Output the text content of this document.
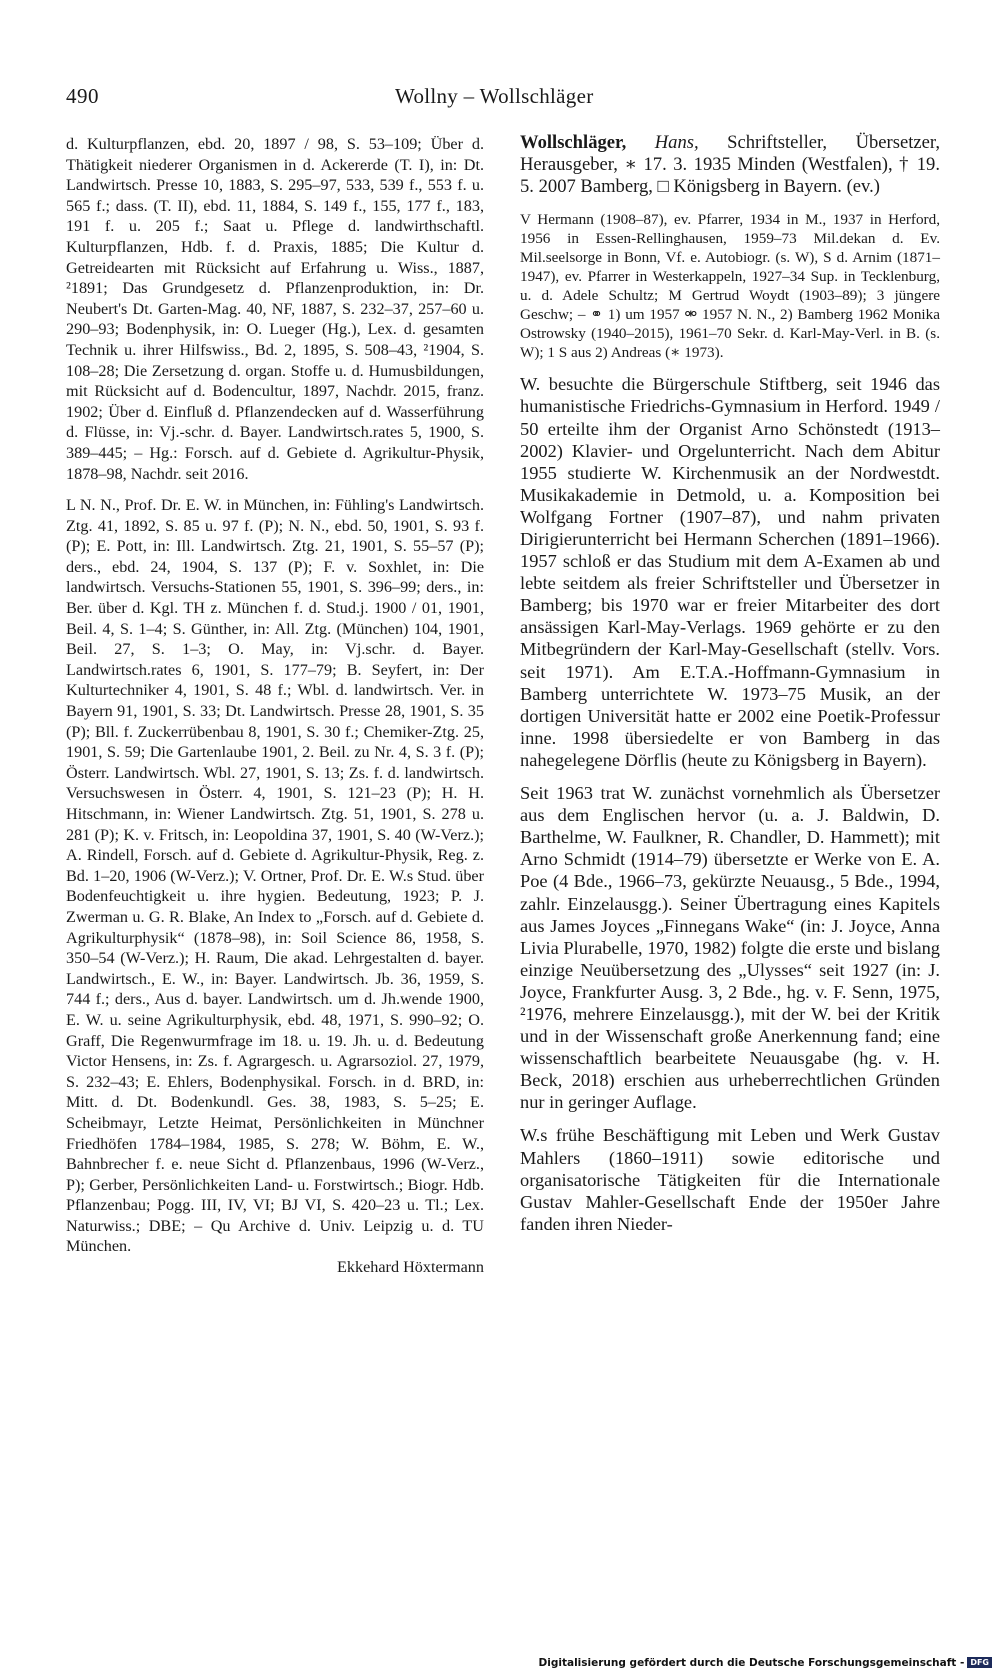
490	Wollny – Wollschläger

d. Kulturpflanzen, ebd. 20, 1897 / 98, S. 53–109; Über d. Thätigkeit niederer Organismen in d. Ackererde (T. I), in: Dt. Landwirtsch. Presse 10, 1883, S. 295–97, 533, 539 f., 553 f. u. 565 f.; dass. (T. II), ebd. 11, 1884, S. 149 f., 155, 177 f., 183, 191 f. u. 205 f.; Saat u. Pflege d. landwirthschaftl. Kulturpflanzen, Hdb. f. d. Praxis, 1885; Die Kultur d. Getreidearten mit Rücksicht auf Erfahrung u. Wiss., 1887, ²1891; Das Grundgesetz d. Pflanzenproduktion, in: Dr. Neubert's Dt. Garten-Mag. 40, NF, 1887, S. 232–37, 257–60 u. 290–93; Bodenphysik, in: O. Lueger (Hg.), Lex. d. gesamten Technik u. ihrer Hilfswiss., Bd. 2, 1895, S. 508–43, ²1904, S. 108–28; Die Zersetzung d. organ. Stoffe u. d. Humusbildungen, mit Rücksicht auf d. Bodencultur, 1897, Nachdr. 2015, franz. 1902; Über d. Einfluß d. Pflanzendecken auf d. Wasserführung d. Flüsse, in: Vj.-schr. d. Bayer. Landwirtsch.rates 5, 1900, S. 389–445; – Hg.: Forsch. auf d. Gebiete d. Agrikultur-Physik, 1878–98, Nachdr. seit 2016.

L N. N., Prof. Dr. E. W. in München, in: Fühling's Landwirtsch. Ztg. 41, 1892, S. 85 u. 97 f. (P); N. N., ebd. 50, 1901, S. 93 f. (P); E. Pott, in: Ill. Landwirtsch. Ztg. 21, 1901, S. 55–57 (P); ders., ebd. 24, 1904, S. 137 (P); F. v. Soxhlet, in: Die landwirtsch. Versuchs-Stationen 55, 1901, S. 396–99; ders., in: Ber. über d. Kgl. TH z. München f. d. Stud.j. 1900 / 01, 1901, Beil. 4, S. 1–4; S. Günther, in: All. Ztg. (München) 104, 1901, Beil. 27, S. 1–3; O. May, in: Vj.schr. d. Bayer. Landwirtsch.rates 6, 1901, S. 177–79; B. Seyfert, in: Der Kulturtechniker 4, 1901, S. 48 f.; Wbl. d. landwirtsch. Ver. in Bayern 91, 1901, S. 33; Dt. Landwirtsch. Presse 28, 1901, S. 35 (P); Bll. f. Zuckerrübenbau 8, 1901, S. 30 f.; Chemiker-Ztg. 25, 1901, S. 59; Die Gartenlaube 1901, 2. Beil. zu Nr. 4, S. 3 f. (P); Österr. Landwirtsch. Wbl. 27, 1901, S. 13; Zs. f. d. landwirtsch. Versuchswesen in Österr. 4, 1901, S. 121–23 (P); H. H. Hitschmann, in: Wiener Landwirtsch. Ztg. 51, 1901, S. 278 u. 281 (P); K. v. Fritsch, in: Leopoldina 37, 1901, S. 40 (W-Verz.); A. Rindell, Forsch. auf d. Gebiete d. Agrikultur-Physik, Reg. z. Bd. 1–20, 1906 (W-Verz.); V. Ortner, Prof. Dr. E. W.s Stud. über Bodenfeuchtigkeit u. ihre hygien. Bedeutung, 1923; P. J. Zwerman u. G. R. Blake, An Index to „Forsch. auf d. Gebiete d. Agrikulturphysik“ (1878–98), in: Soil Science 86, 1958, S. 350–54 (W-Verz.); H. Raum, Die akad. Lehrgestalten d. bayer. Landwirtsch., E. W., in: Bayer. Landwirtsch. Jb. 36, 1959, S. 744 f.; ders., Aus d. bayer. Landwirtsch. um d. Jh.wende 1900, E. W. u. seine Agrikulturphysik, ebd. 48, 1971, S. 990–92; O. Graff, Die Regenwurmfrage im 18. u. 19. Jh. u. d. Bedeutung Victor Hensens, in: Zs. f. Agrargesch. u. Agrarsoziol. 27, 1979, S. 232–43; E. Ehlers, Bodenphysikal. Forsch. in d. BRD, in: Mitt. d. Dt. Bodenkundl. Ges. 38, 1983, S. 5–25; E. Scheibmayr, Letzte Heimat, Persönlichkeiten in Münchner Friedhöfen 1784–1984, 1985, S. 278; W. Böhm, E. W., Bahnbrecher f. e. neue Sicht d. Pflanzenbaus, 1996 (W-Verz., P); Gerber, Persönlichkeiten Land- u. Forstwirtsch.; Biogr. Hdb. Pflanzenbau; Pogg. III, IV, VI; BJ VI, S. 420–23 u. Tl.; Lex. Naturwiss.; DBE; – Qu Archive d. Univ. Leipzig u. d. TU München.

Ekkehard Höxtermann

Wollschläger, Hans, Schriftsteller, Übersetzer, Herausgeber, ∗ 17. 3. 1935 Minden (Westfalen), † 19. 5. 2007 Bamberg, □ Königsberg in Bayern. (ev.)

V Hermann (1908–87), ev. Pfarrer, 1934 in M., 1937 in Herford, 1956 in Essen-Rellinghausen, 1959–73 Mil.dekan d. Ev. Mil.seelsorge in Bonn, Vf. e. Autobiogr. (s. W), S d. Arnim (1871–1947), ev. Pfarrer in Westerkappeln, 1927–34 Sup. in Tecklenburg, u. d. Adele Schultz; M Gertrud Woydt (1903–89); 3 jüngere Geschw; – ⚭ 1) um 1957 ⚮ 1957 N. N., 2) Bamberg 1962 Monika Ostrowsky (1940–2015), 1961–70 Sekr. d. Karl-May-Verl. in B. (s. W); 1 S aus 2) Andreas (∗ 1973).

W. besuchte die Bürgerschule Stiftberg, seit 1946 das humanistische Friedrichs-Gymnasium in Herford. 1949 / 50 erteilte ihm der Organist Arno Schönstedt (1913–2002) Klavier- und Orgelunterricht. Nach dem Abitur 1955 studierte W. Kirchenmusik an der Nordwestdt. Musikakademie in Detmold, u. a. Komposition bei Wolfgang Fortner (1907–87), und nahm privaten Dirigierunterricht bei Hermann Scherchen (1891–1966). 1957 schloß er das Studium mit dem A-Examen ab und lebte seitdem als freier Schriftsteller und Übersetzer in Bamberg; bis 1970 war er freier Mitarbeiter des dort ansässigen Karl-May-Verlags. 1969 gehörte er zu den Mitbegründern der Karl-May-Gesellschaft (stellv. Vors. seit 1971). Am E.T.A.-Hoffmann-Gymnasium in Bamberg unterrichtete W. 1973–75 Musik, an der dortigen Universität hatte er 2002 eine Poetik-Professur inne. 1998 übersiedelte er von Bamberg in das nahegelegene Dörflis (heute zu Königsberg in Bayern).

Seit 1963 trat W. zunächst vornehmlich als Übersetzer aus dem Englischen hervor (u. a. J. Baldwin, D. Barthelme, W. Faulkner, R. Chandler, D. Hammett); mit Arno Schmidt (1914–79) übersetzte er Werke von E. A. Poe (4 Bde., 1966–73, gekürzte Neuausg., 5 Bde., 1994, zahlr. Einzelausgg.). Seiner Übertragung eines Kapitels aus James Joyces „Finnegans Wake“ (in: J. Joyce, Anna Livia Plurabelle, 1970, 1982) folgte die erste und bislang einzige Neuübersetzung des „Ulysses“ seit 1927 (in: J. Joyce, Frankfurter Ausg. 3, 2 Bde., hg. v. F. Senn, 1975, ²1976, mehrere Einzelausgg.), mit der W. bei der Kritik und in der Wissenschaft große Anerkennung fand; eine wissenschaftlich bearbeitete Neuausgabe (hg. v. H. Beck, 2018) erschien aus urheberrechtlichen Gründen nur in geringer Auflage.

W.s frühe Beschäftigung mit Leben und Werk Gustav Mahlers (1860–1911) sowie editorische und organisatorische Tätigkeiten für die Internationale Gustav Mahler-Gesellschaft Ende der 1950er Jahre fanden ihren Nieder-

Digitalisierung gefördert durch die Deutsche Forschungsgemeinschaft - DFG
